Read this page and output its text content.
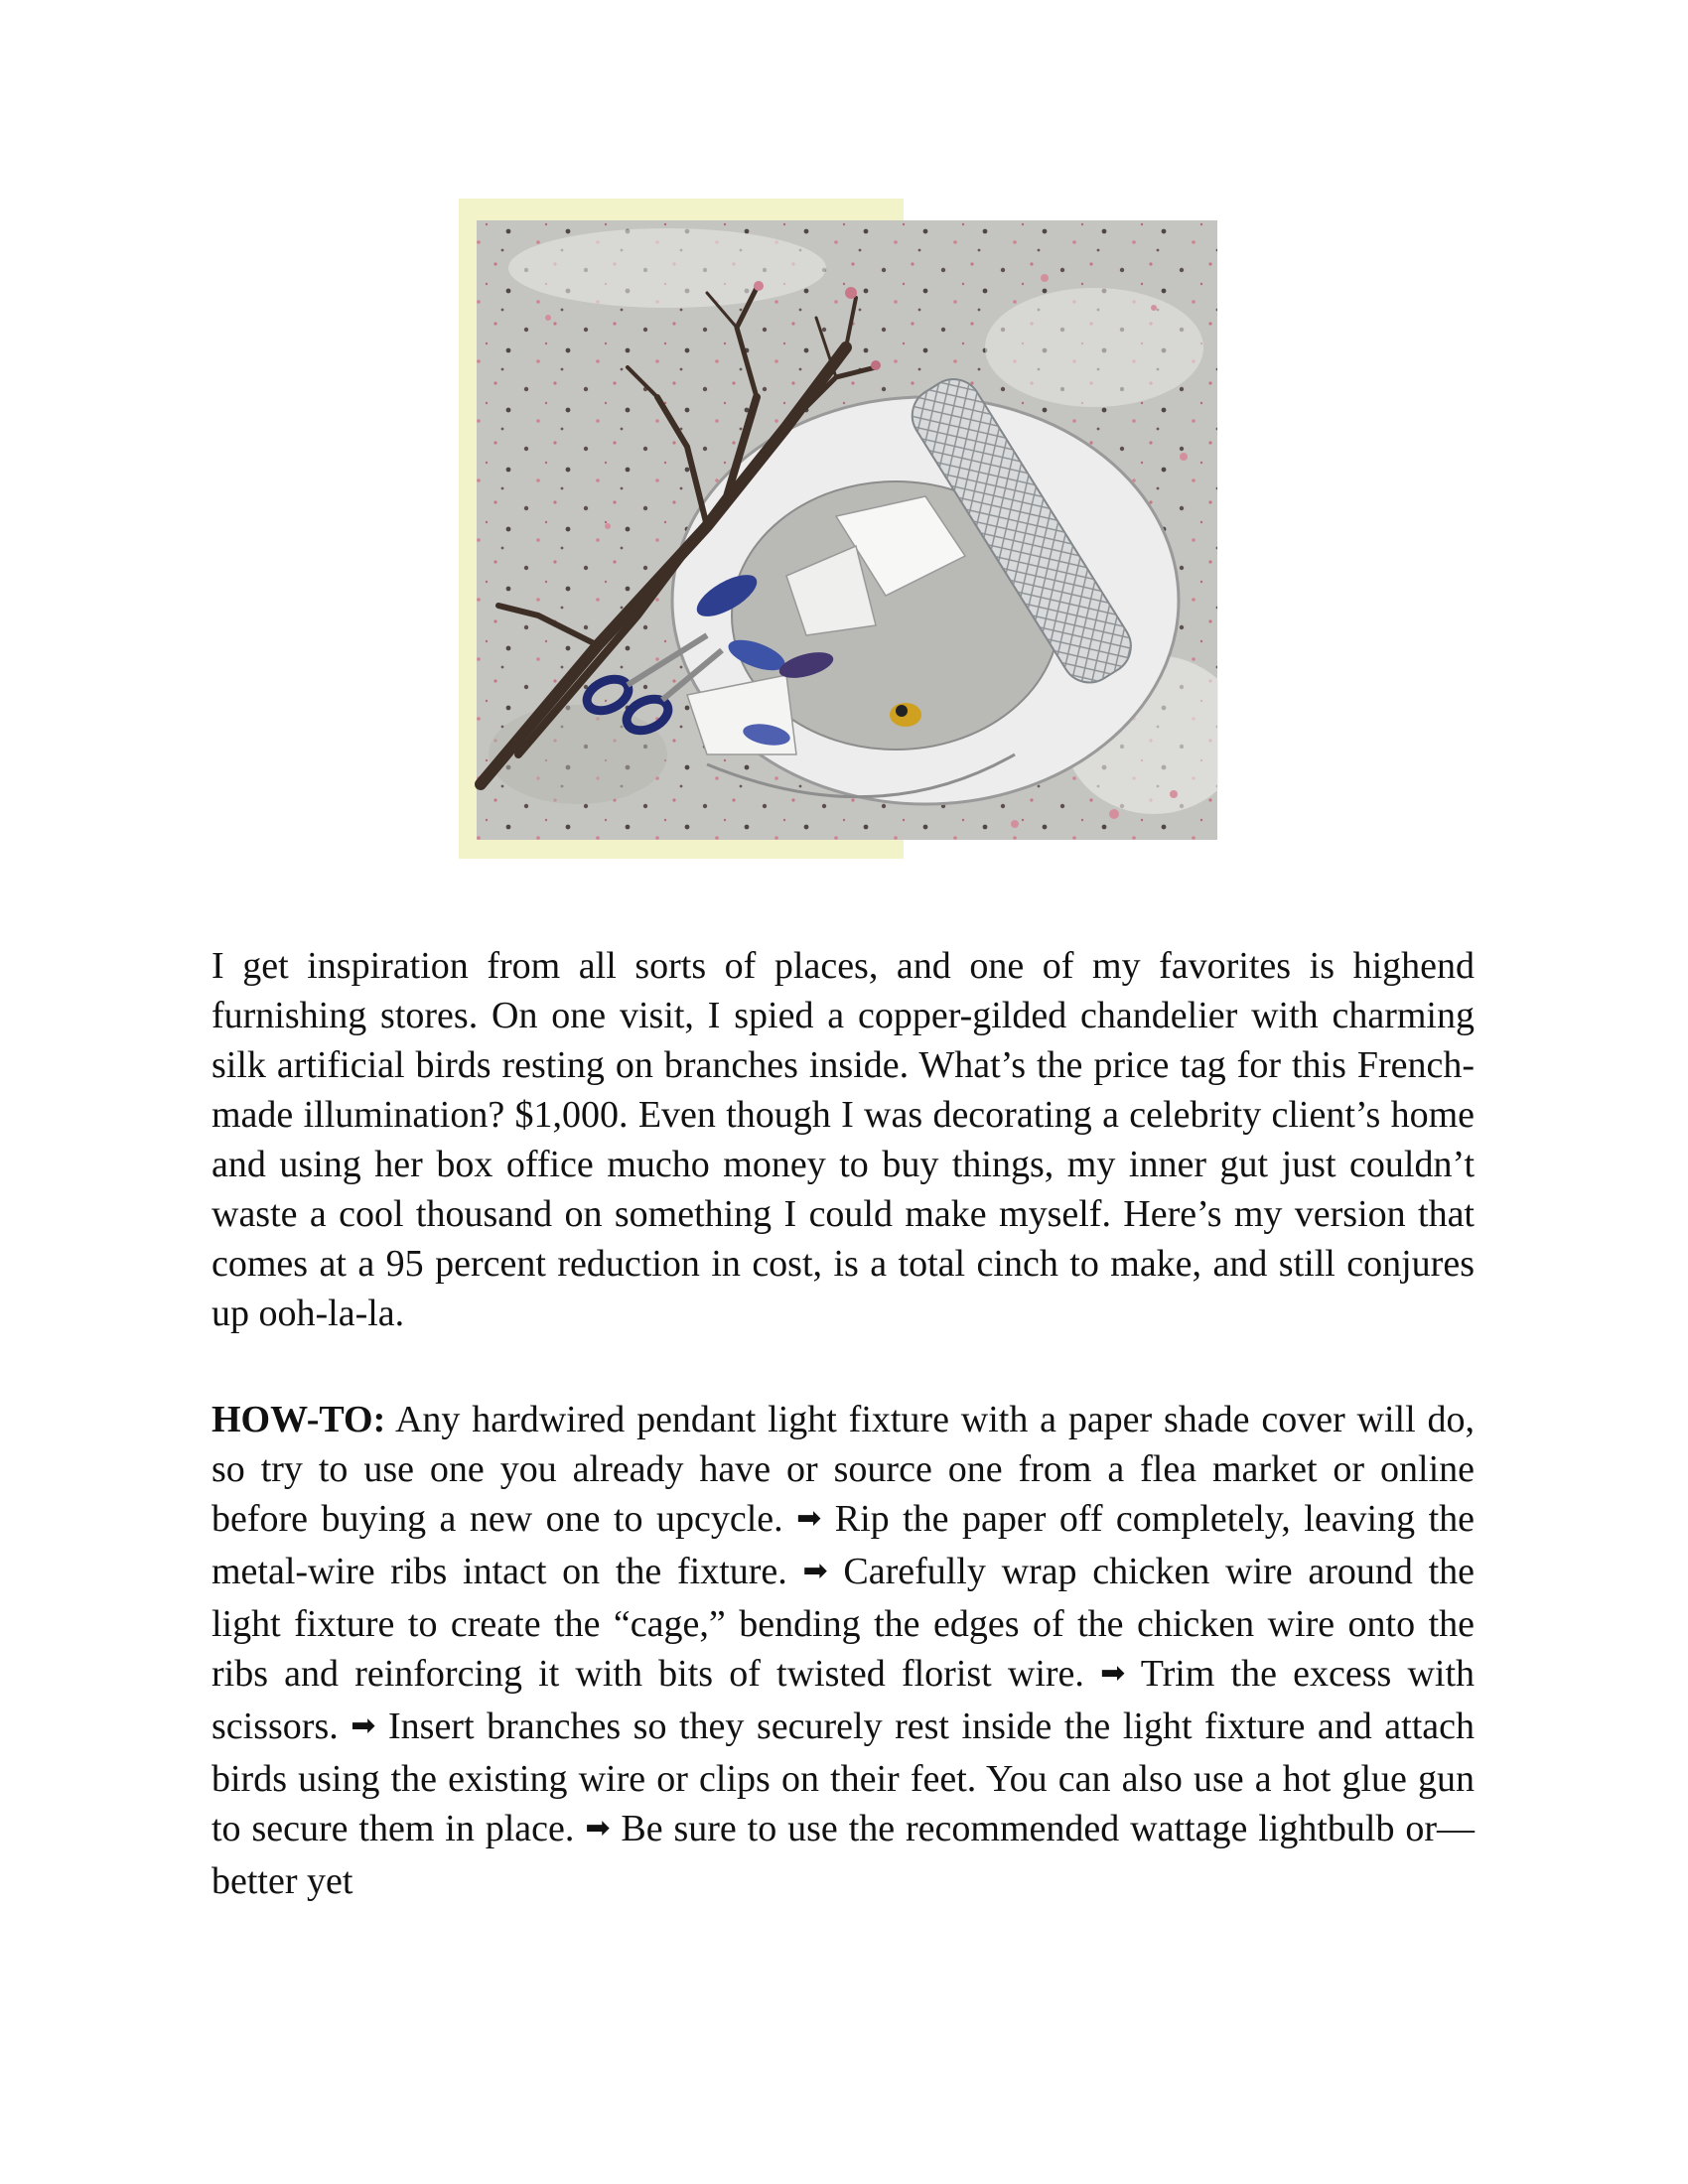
I get inspiration from all sorts of places, and one of my favorites is highend furnishing stores. On one visit, I spied a copper-gilded chandelier with charming silk artificial birds resting on branches inside. What’s the price tag for this French-made illumination? $1,000. Even though I was decorating a celebrity client’s home and using her box office mucho money to buy things, my inner gut just couldn’t waste a cool thousand on something I could make myself. Here’s my version that comes at a 95 percent reduction in cost, is a total cinch to make, and still conjures up ooh-la-la.

HOW-TO: Any hardwired pendant light fixture with a paper shade cover will do, so try to use one you already have or source one from a flea market or online before buying a new one to upcycle. ➡ Rip the paper off completely, leaving the metal-wire ribs intact on the fixture. ➡ Carefully wrap chicken wire around the light fixture to create the “cage,” bending the edges of the chicken wire onto the ribs and reinforcing it with bits of twisted florist wire. ➡ Trim the excess with scissors. ➡ Insert branches so they securely rest inside the light fixture and attach birds using the existing wire or clips on their feet. You can also use a hot glue gun to secure them in place. ➡ Be sure to use the recommended wattage lightbulb or—better yet
